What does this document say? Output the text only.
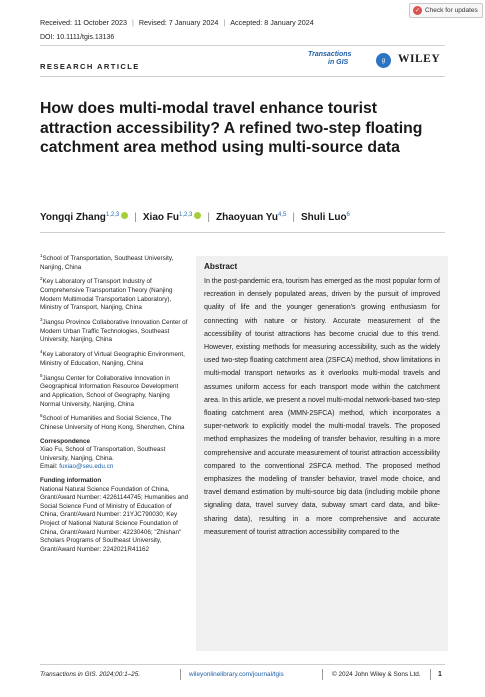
Received: 11 October 2023 | Revised: 7 January 2024 | Accepted: 8 January 2024
DOI: 10.1111/tgis.13136
✓ Check for updates
RESEARCH ARTICLE
Transactions
in GIS	g	WILEY
How does multi-modal travel enhance tourist attraction accessibility? A refined two-step floating catchment area method using multi-source data
Yongqi Zhang$^{1,2,3}$ | Xiao Fu$^{1,2,3}$ | Zhaoyuan Yu$^{4,5}$ | Shuli Luo$^6$
$^1$School of Transportation, Southeast University, Nanjing, China
$^2$Key Laboratory of Transport Industry of Comprehensive Transportation Theory (Nanjing Modern Multimodal Transportation Laboratory), Ministry of Transport, Nanjing, China
$^3$Jiangsu Province Collaborative Innovation Center of Modern Urban Traffic Technologies, Southeast University, Nanjing, China
$^4$Key Laboratory of Virtual Geographic Environment, Ministry of Education, Nanjing, China
$^5$Jiangsu Center for Collaborative Innovation in Geographical Information Resource Development and Application, School of Geography, Nanjing Normal University, Nanjing, China
$^6$School of Humanities and Social Science, The Chinese University of Hong Kong, Shenzhen, China
Correspondence
Xiao Fu, School of Transportation, Southeast University, Nanjing, China.
Email: fuxiao@seu.edu.cn
Funding information
National Natural Science Foundation of China, Grant/Award Number: 42261144745; Humanities and Social Science Fund of Ministry of Education of China, Grant/Award Number: 21YJC790030; Key Project of National Natural Science Foundation of China, Grant/Award Number: 42230406; "Zhishan" Scholars Programs of Southeast University, Grant/Award Number: 2242021R41162
Abstract
In the post-pandemic era, tourism has emerged as the most popular form of recreation in densely populated areas, driven by the pursuit of improved quality of life and the younger generation's growing enthusiasm for connecting with nature or history. Accurate measurement of the accessibility of tourist attractions has become crucial due to this trend. However, existing methods for measuring accessibility, such as the widely used two-step floating catchment area (2SFCA) method, show limitations in multi-modal transport networks as it overlooks multi-modal travels and assumes uniform access for each transport mode within the catchment area. In this article, we present a novel multi-modal network-based two-step floating catchment area (MMN-2SFCA) method, which incorporates a super-network to explicitly model the multi-modal travels. The proposed method emphasizes the modeling of transfer behavior, resulting in a more comprehensive and accurate measurement of tourist attraction accessibility compared to the conventional 2SFCA method. The proposed method emphasizes the modeling of transfer behavior, travel mode choice, and travel demand estimation by multi-source big data (including mobile phone signaling data, travel survey data, subway smart card data, and bike-sharing data), resulting in a more comprehensive and accurate measurement of tourist attraction accessibility compared to the
Transactions in GIS. 2024;00:1–25.	wileyonlinelibrary.com/journal/tgis	© 2024 John Wiley & Sons Ltd. 1
